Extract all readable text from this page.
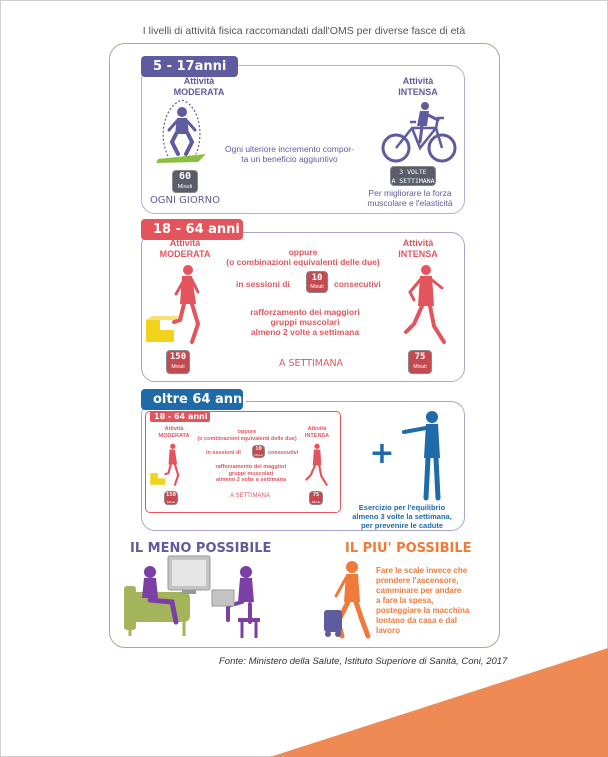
I livelli di attività fisica raccomandati dall'OMS per diverse fasce di età
5 - 17anni
Attività
MODERATA
Attività
INTENSA
Ogni ulteriore incremento compor-
ta un beneficio aggiuntivo
60
Minuti
OGNI GIORNO
3 VOLTE
A SETTIMANA
Per migliorare la forza
muscolare e l'elasticità
18 - 64 anni
Attività
MODERATA
Attività
INTENSA
oppure
(o combinazioni equivalenti delle due)
in sessioni di
10
Minuti	consecutivi
rafforzamento dei maggiori
gruppi muscolari
almeno 2 volte a settimana
A SETTIMANA
150
Minuti
75
Minuti
oltre 64 anni
18 - 64 anni
Attività
MODERATA
Attività
INTENSA
oppure
(o combinazioni equivalenti delle due)
in sessioni di
10
Minuti consecutivi
rafforzamento dei maggiori
gruppi muscolari
almeno 2 volte a settimana
A SETTIMANA
150
Minuti
75
Minuti
+
Esercizio per l'equilibrio
almeno 3 volte la settimana,
per prevenire le cadute
IL MENO POSSIBILE	IL PIU' POSSIBILE
Fare le scale invece che
prendere l'ascensore,
camminare per andare
a fare la spesa,
posteggiare la macchina
lontano da casa e dal
lavoro
Fonte: Ministero della Salute, Istituto Superiore di Sanità, Coni, 2017
